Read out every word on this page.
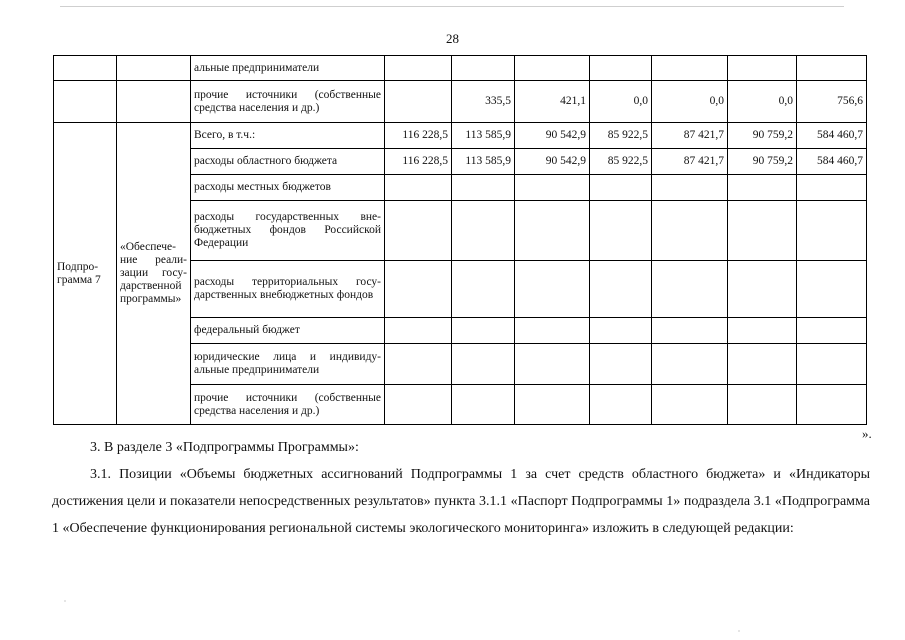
28
		альные предприниматели							
		прочие источники (собственные средства населения и др.)		335,5	421,1	0,0	0,0	0,0	756,6
Подпро-грамма 7	«Обеспече-ние реали-зации госу-дарственной программы»	Всего, в т.ч.:	116 228,5	113 585,9	90 542,9	85 922,5	87 421,7	90 759,2	584 460,7
		расходы областного бюджета	116 228,5	113 585,9	90 542,9	85 922,5	87 421,7	90 759,2	584 460,7
		расходы местных бюджетов							
		расходы государственных вне-бюджетных фондов Российской Федерации							
		расходы территориальных госу-дарственных внебюджетных фондов							
		федеральный бюджет							
		юридические лица и индивиду-альные предприниматели							
		прочие источники (собственные средства населения и др.)							
».
3. В разделе 3 «Подпрограммы Программы»:
3.1. Позиции «Объемы бюджетных ассигнований Подпрограммы 1 за счет средств областного бюджета» и «Индикаторы достижения цели и показатели непосредственных результатов» пункта 3.1.1 «Паспорт Подпрограммы 1» подраздела 3.1 «Подпрограмма 1 «Обеспечение функционирования региональной системы экологического мониторинга» изложить в следующей редакции:
